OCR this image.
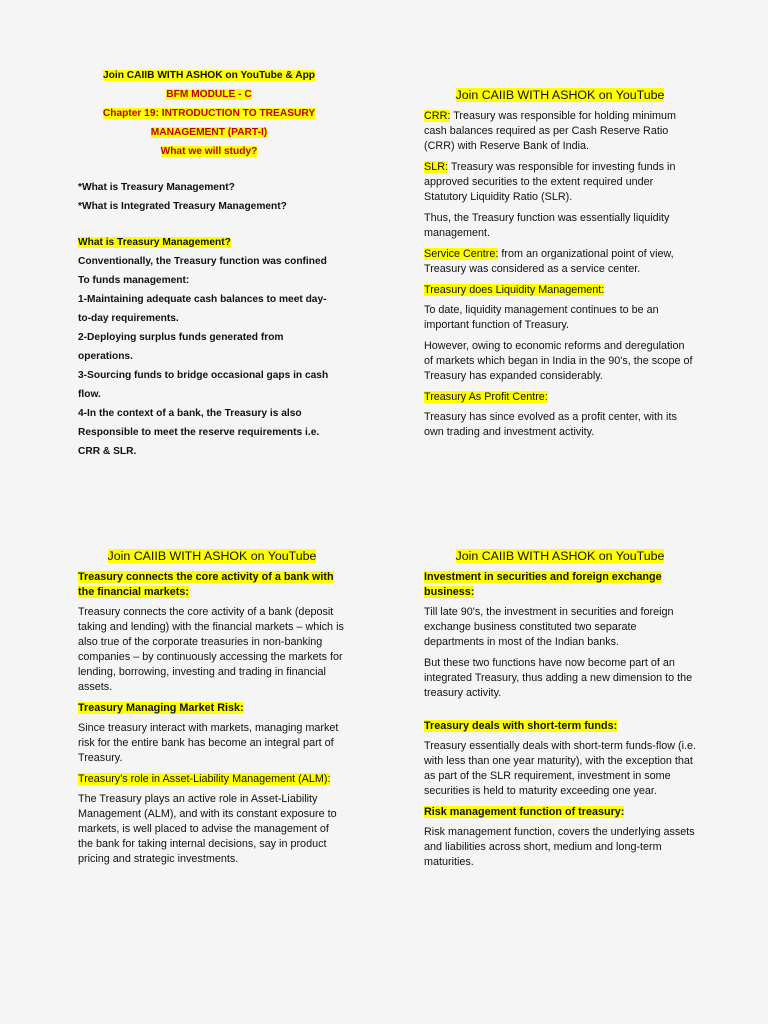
Join CAIIB WITH ASHOK on YouTube & App
BFM MODULE - C
Chapter 19: INTRODUCTION TO TREASURY
MANAGEMENT (PART-I)
What we will study?

*What is Treasury Management?

*What is Integrated Treasury Management?

What is Treasury Management?

Conventionally, the Treasury function was confined

To funds management:

1-Maintaining adequate cash balances to meet day-

to-day requirements.

2-Deploying surplus funds generated from

operations.

3-Sourcing funds to bridge occasional gaps in cash

flow.

4-In the context of a bank, the Treasury is also

Responsible to meet the reserve requirements i.e.

CRR & SLR.

Join CAIIB WITH ASHOK on YouTube

CRR: Treasury was responsible for holding minimum cash balances required as per Cash Reserve Ratio (CRR) with Reserve Bank of India.

SLR: Treasury was responsible for investing funds in approved securities to the extent required under Statutory Liquidity Ratio (SLR).

Thus, the Treasury function was essentially liquidity management.

Service Centre: from an organizational point of view, Treasury was considered as a service center.

Treasury does Liquidity Management:

To date, liquidity management continues to be an important function of Treasury.

However, owing to economic reforms and deregulation of markets which began in India in the 90's, the scope of Treasury has expanded considerably.

Treasury As Profit Centre:

Treasury has since evolved as a profit center, with its own trading and investment activity.

Join CAIIB WITH ASHOK on YouTube

Treasury connects the core activity of a bank with the financial markets:

Treasury connects the core activity of a bank (deposit taking and lending) with the financial markets – which is also true of the corporate treasuries in non-banking companies – by continuously accessing the markets for lending, borrowing, investing and trading in financial assets.

Treasury Managing Market Risk:

Since treasury interact with markets, managing market risk for the entire bank has become an integral part of Treasury.

Treasury's role in Asset-Liability Management (ALM):

The Treasury plays an active role in Asset-Liability Management (ALM), and with its constant exposure to markets, is well placed to advise the management of the bank for taking internal decisions, say in product pricing and strategic investments.

Join CAIIB WITH ASHOK on YouTube

Investment in securities and foreign exchange business:

Till late 90's, the investment in securities and foreign exchange business constituted two separate departments in most of the Indian banks.

But these two functions have now become part of an integrated Treasury, thus adding a new dimension to the treasury activity.

Treasury deals with short-term funds:

Treasury essentially deals with short-term funds-flow (i.e. with less than one year maturity), with the exception that as part of the SLR requirement, investment in some securities is held to maturity exceeding one year.

Risk management function of treasury:

Risk management function, covers the underlying assets and liabilities across short, medium and long-term maturities.
